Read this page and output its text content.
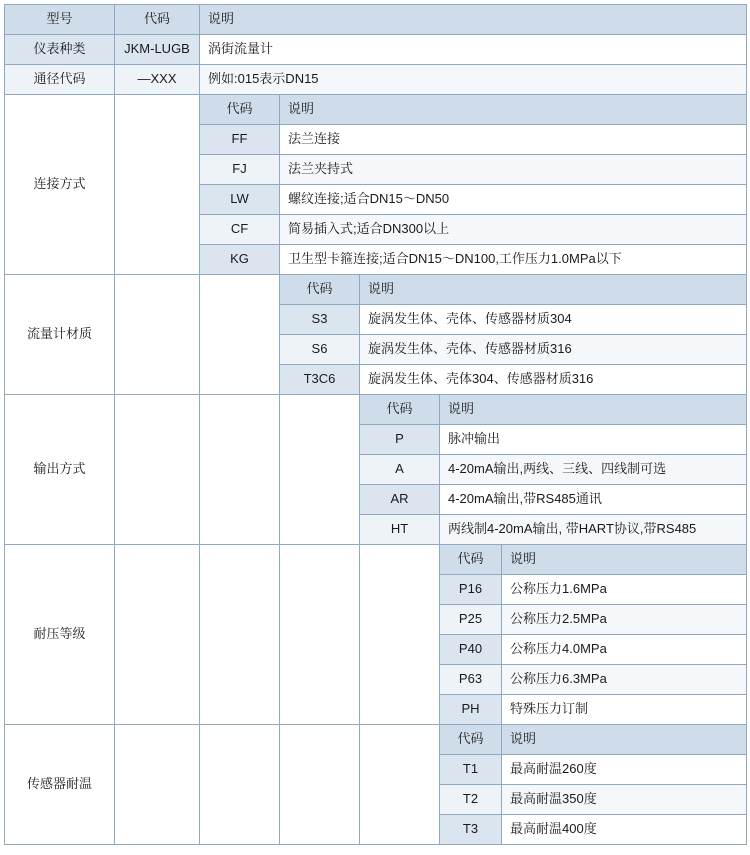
型号	代码	说明				
仪表种类	JKM-LUGB	涡街流量计				
通径代码	—XXX	例如:015表示DN15				
连接方式		代码	说明			
		FF	法兰连接			
		FJ	法兰夹持式			
		LW	螺纹连接;适合DN15～DN50			
		CF	简易插入式;适合DN300以上			
		KG	卫生型卡箍连接;适合DN15～DN100,工作压力1.0MPa以下			
流量计材质			代码	说明		
			S3	旋涡发生体、壳体、传感器材质304		
			S6	旋涡发生体、壳体、传感器材质316		
			T3C6	旋涡发生体、壳体304、传感器材质316		
输出方式				代码	说明	
				P	脉冲输出	
				A	4-20mA输出,两线、三线、四线制可选	
				AR	4-20mA输出,带RS485通讯	
				HT	两线制4-20mA输出, 带HART协议,带RS485	
耐压等级					代码	说明
					P16	公称压力1.6MPa
					P25	公称压力2.5MPa
					P40	公称压力4.0MPa
					P63	公称压力6.3MPa
					PH	特殊压力订制
传感器耐温					代码	说明
					T1	最高耐温260度
					T2	最高耐温350度
					T3	最高耐温400度
